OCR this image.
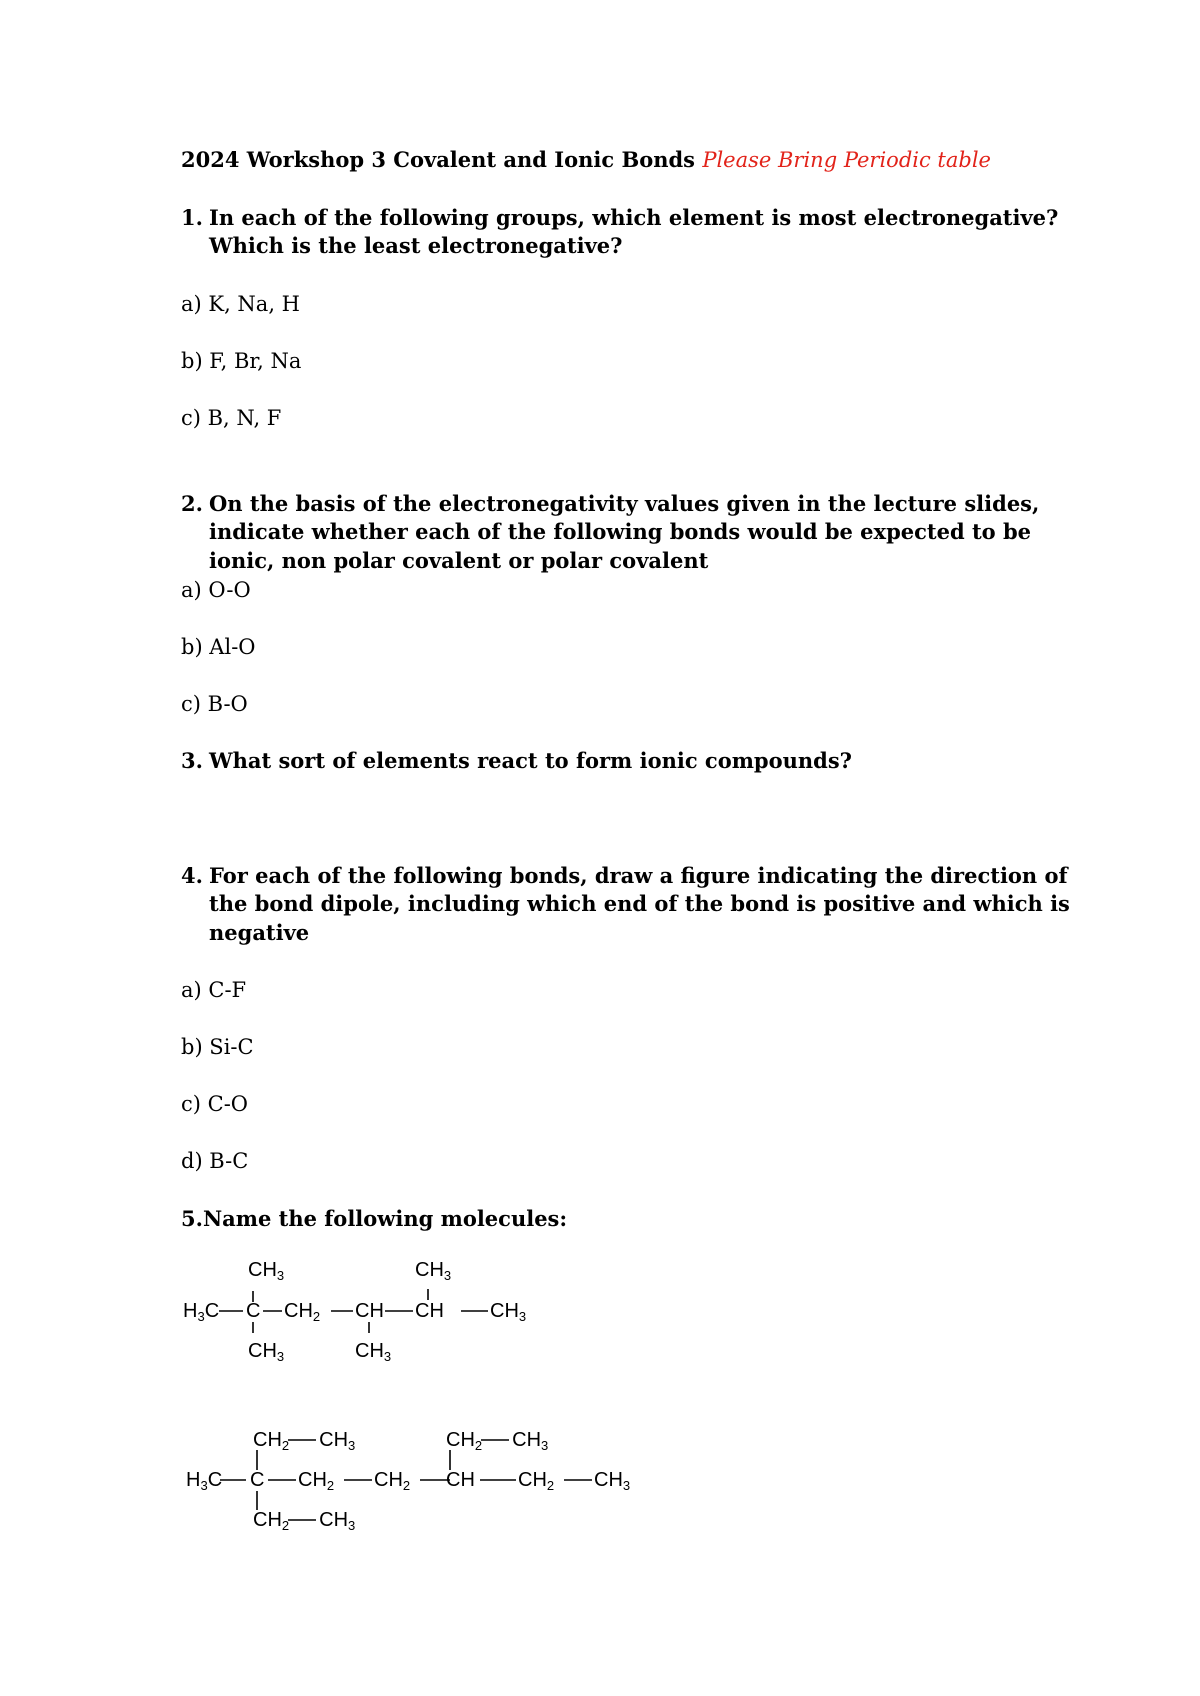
2024 Workshop 3 Covalent and Ionic Bonds Please Bring Periodic table
1. In each of the following groups, which element is most electronegative?
Which is the least electronegative?
a) K, Na, H
b) F, Br, Na
c) B, N, F
2. On the basis of the electronegativity values given in the lecture slides,
indicate whether each of the following bonds would be expected to be
ionic, non polar covalent or polar covalent
a) O-O
b) Al-O
c) B-O
3. What sort of elements react to form ionic compounds?
4. For each of the following bonds, draw a figure indicating the direction of
the bond dipole, including which end of the bond is positive and which is
negative
a) C-F
b) Si-C
c) C-O
d) B-C
5.Name the following molecules:
$CH_3$	$CH_3$
$H_3C$ C $CH_2$ CH CH $CH_3$
$CH_3$	$CH_3$
$CH_2$ $CH_3$	$CH_2$ $CH_3$
$H_3C$ C $CH_2$ $CH_2$ CH $CH_2$ $CH_3$
$CH_2$ $CH_3$
